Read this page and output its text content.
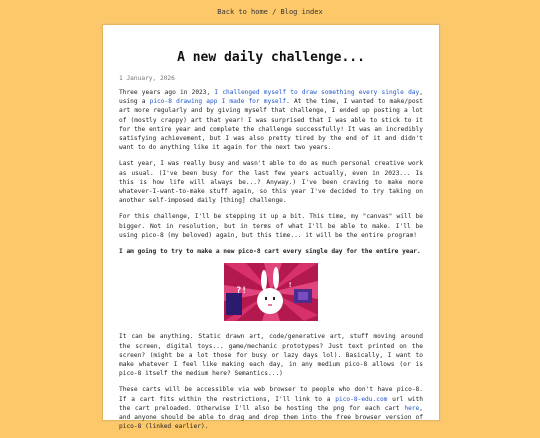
Back to home / Blog index
A new daily challenge...
1 January, 2026

Three years ago in 2023, I challenged myself to draw something every single day, using a pico-8 drawing app I made for myself. At the time, I wanted to make/post art more regularly and by giving myself that challenge, I ended up posting a lot of (mostly crappy) art that year! I was surprised that I was able to stick to it for the entire year and complete the challenge successfully! It was an incredibly satisfying achievement, but I was also pretty tired by the end of it and didn't want to do anything like it again for the next two years.

Last year, I was really busy and wasn't able to do as much personal creative work as usual. (I've been busy for the last few years actually, even in 2023... Is this is how life will always be...? Anyway.) I've been craving to make more whatever-I-want-to-make stuff again, so this year I've decided to try taking on another self-imposed daily [thing] challenge.

For this challenge, I'll be stepping it up a bit. This time, my "canvas" will be bigger. Not in resolution, but in terms of what I'll be able to make. I'll be using pico-8 (my beloved) again, but this time... it will be the entire program!

I am going to try to make a new pico-8 cart every single day for the entire year.

?!
!

It can be anything. Static drawn art, code/generative art, stuff moving around the screen, digital toys... game/mechanic prototypes? Just text printed on the screen? (might be a lot those for busy or lazy days lol). Basically, I want to make whatever I feel like making each day, in any medium pico-8 allows (or is pico-8 itself the medium here? Semantics...)

These carts will be accessible via web browser to people who don't have pico-8. If a cart fits within the restrictions, I'll link to a pico-8-edu.com url with the cart preloaded. Otherwise I'll also be hosting the png for each cart here, and anyone should be able to drag and drop them into the free browser version of pico-8 (linked earlier).
